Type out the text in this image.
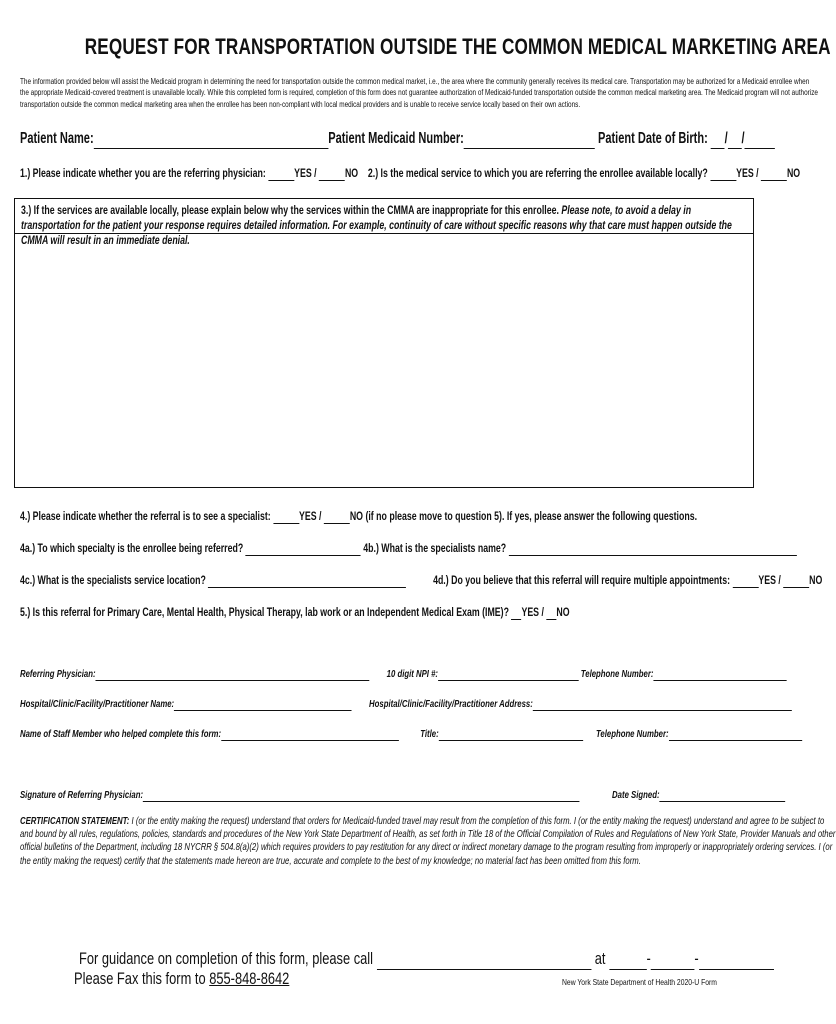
REQUEST FOR TRANSPORTATION OUTSIDE THE COMMON MEDICAL MARKETING AREA
The information provided below will assist the Medicaid program in determining the need for transportation outside the common medical market, i.e., the area where the community generally receives its medical care. Transportation may be authorized for a Medicaid enrollee when
the appropriate Medicaid-covered treatment is unavailable locally. While this completed form is required, completion of this form does not guarantee authorization of Medicaid-funded transportation outside the common medical marketing area. The Medicaid program will not authorize
transportation outside the common medical marketing area when the enrollee has been non-compliant with local medical providers and is unable to receive service locally based on their own actions.
Patient Name:	Patient Medicaid Number:	Patient Date of Birth: / /
1.) Please indicate whether you are the referring physician: YES / NO 2.) Is the medical service to which you are referring the enrollee available locally? YES / NO
3.) If the services are available locally, please explain below why the services within the CMMA are inappropriate for this enrollee. Please note, to avoid a delay in transportation for the patient your response requires detailed information. For example, continuity of care without specific reasons why that care must happen outside the CMMA will result in an immediate denial.
4.) Please indicate whether the referral is to see a specialist: YES / NO (if no please move to question 5). If yes, please answer the following questions.
4a.) To which specialty is the enrollee being referred?	4b.) What is the specialists name?
4c.) What is the specialists service location?	4d.) Do you believe that this referral will require multiple appointments: YES / NO
5.) Is this referral for Primary Care, Mental Health, Physical Therapy, lab work or an Independent Medical Exam (IME)? YES / NO
Referring Physician:	10 digit NPI #:	Telephone Number:
Hospital/Clinic/Facility/Practitioner Name:	Hospital/Clinic/Facility/Practitioner Address:
Name of Staff Member who helped complete this form:	Title:	Telephone Number:
Signature of Referring Physician:	Date Signed:
CERTIFICATION STATEMENT: I (or the entity making the request) understand that orders for Medicaid-funded travel may result from the completion of this form. I (or the entity making the request) understand and agree to be subject to
and bound by all rules, regulations, policies, standards and procedures of the New York State Department of Health, as set forth in Title 18 of the Official Compilation of Rules and Regulations of New York State, Provider Manuals and other
official bulletins of the Department, including 18 NYCRR § 504.8(a)(2) which requires providers to pay restitution for any direct or indirect monetary damage to the program resulting from improperly or inappropriately ordering services. I (or
the entity making the request) certify that the statements made hereon are true, accurate and complete to the best of my knowledge; no material fact has been omitted from this form.
For guidance on completion of this form, please call	at -	-
Please Fax this form to 855-848-8642	New York State Department of Health 2020-U Form
